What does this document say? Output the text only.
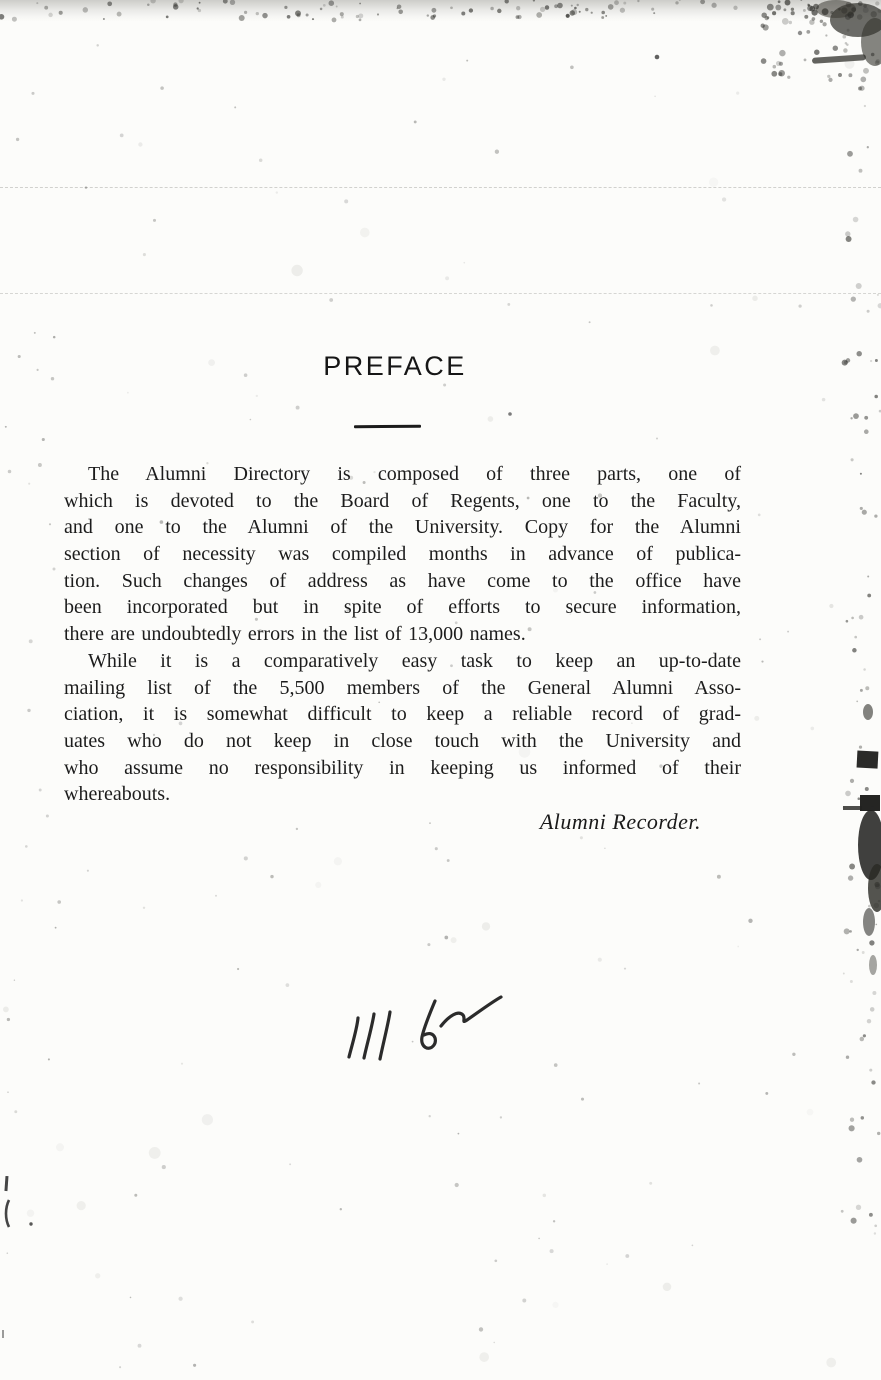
PREFACE

The Alumni Directory is composed of three parts, one of
which is devoted to the Board of Regents, one to the Faculty,
and one to the Alumni of the University. Copy for the Alumni
section of necessity was compiled months in advance of publica-
tion. Such changes of address as have come to the office have
been incorporated but in spite of efforts to secure information,
there are undoubtedly errors in the list of 13,000 names.

While it is a comparatively easy task to keep an up-to-date
mailing list of the 5,500 members of the General Alumni Asso-
ciation, it is somewhat difficult to keep a reliable record of grad-
uates who do not keep in close touch with the University and
who assume no responsibility in keeping us informed of their
whereabouts.

Alumni Recorder.
